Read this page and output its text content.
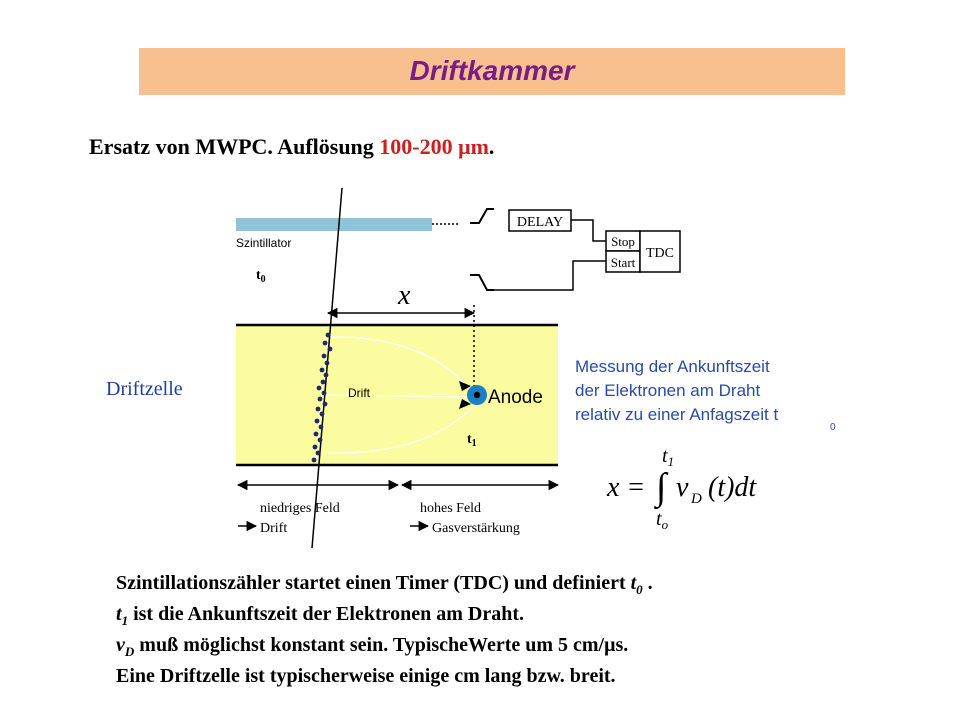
Driftkammer
Ersatz von MWPC. Auflösung 100-200 μm.
Szintillator
DELAY
Stop
Start
TDC
$t_0$
x
Drift	Anode
$t_1$
Messung der Ankunftszeit
der Elektronen am Draht
relativ zu einer Anfagszeit t
0
x = ∫ v D (t)dt
$t_1$
$t_o$
niedriges Feld
Drift
hohes Feld
Gasverstärkung
Driftzelle
Szintillationszähler startet einen Timer (TDC) und definiert $t_0$ .
$t_1$ ist die Ankunftszeit der Elektronen am Draht.
$v_D$ muß möglichst konstant sein. TypischeWerte um 5 cm/μs.
Eine Driftzelle ist typischerweise einige cm lang bzw. breit.
